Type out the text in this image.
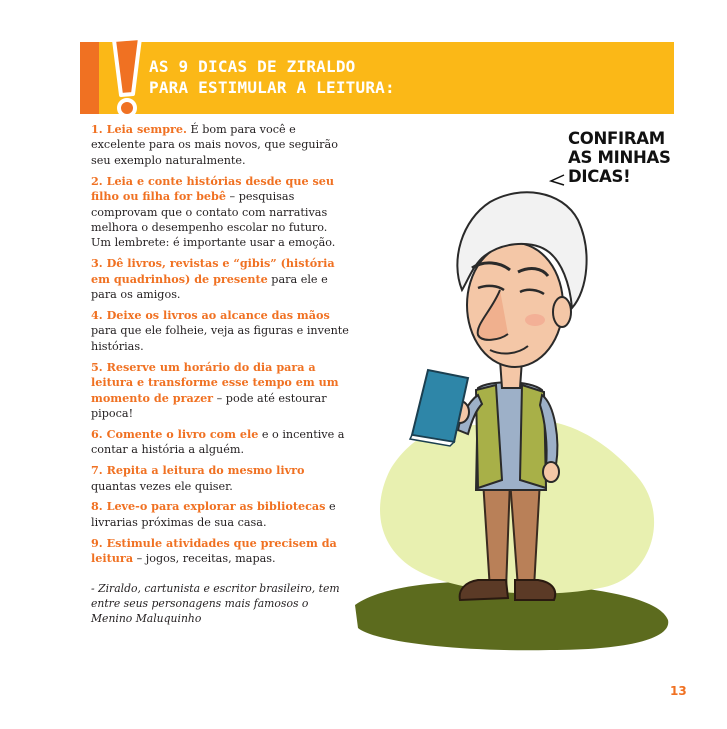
AS 9 DICAS DE ZIRALDO
PARA ESTIMULAR A LEITURA:
1. Leia sempre. É bom para você e excelente para os mais novos, que seguirão seu exemplo naturalmente.
2. Leia e conte histórias desde que seu filho ou filha for bebê – pesquisas comprovam que o contato com narrativas melhora o desempenho escolar no futuro. Um lembrete: é importante usar a emoção.
3. Dê livros, revistas e “gibis” (história em quadrinhos) de presente para ele e para os amigos.
4. Deixe os livros ao alcance das mãos para que ele folheie, veja as figuras e invente histórias.
5. Reserve um horário do dia para a leitura e transforme esse tempo em um momento de prazer – pode até estourar pipoca!
6. Comente o livro com ele e o incentive a contar a história a alguém.
7. Repita a leitura do mesmo livro quantas vezes ele quiser.
8. Leve-o para explorar as bibliotecas e livrarias próximas de sua casa.
9. Estimule atividades que precisem da leitura – jogos, receitas, mapas.

- Ziraldo, cartunista e escritor brasileiro, tem entre seus personagens mais famosos o Menino Maluquinho

CONFIRAM
AS MINHAS
DICAS!

13
